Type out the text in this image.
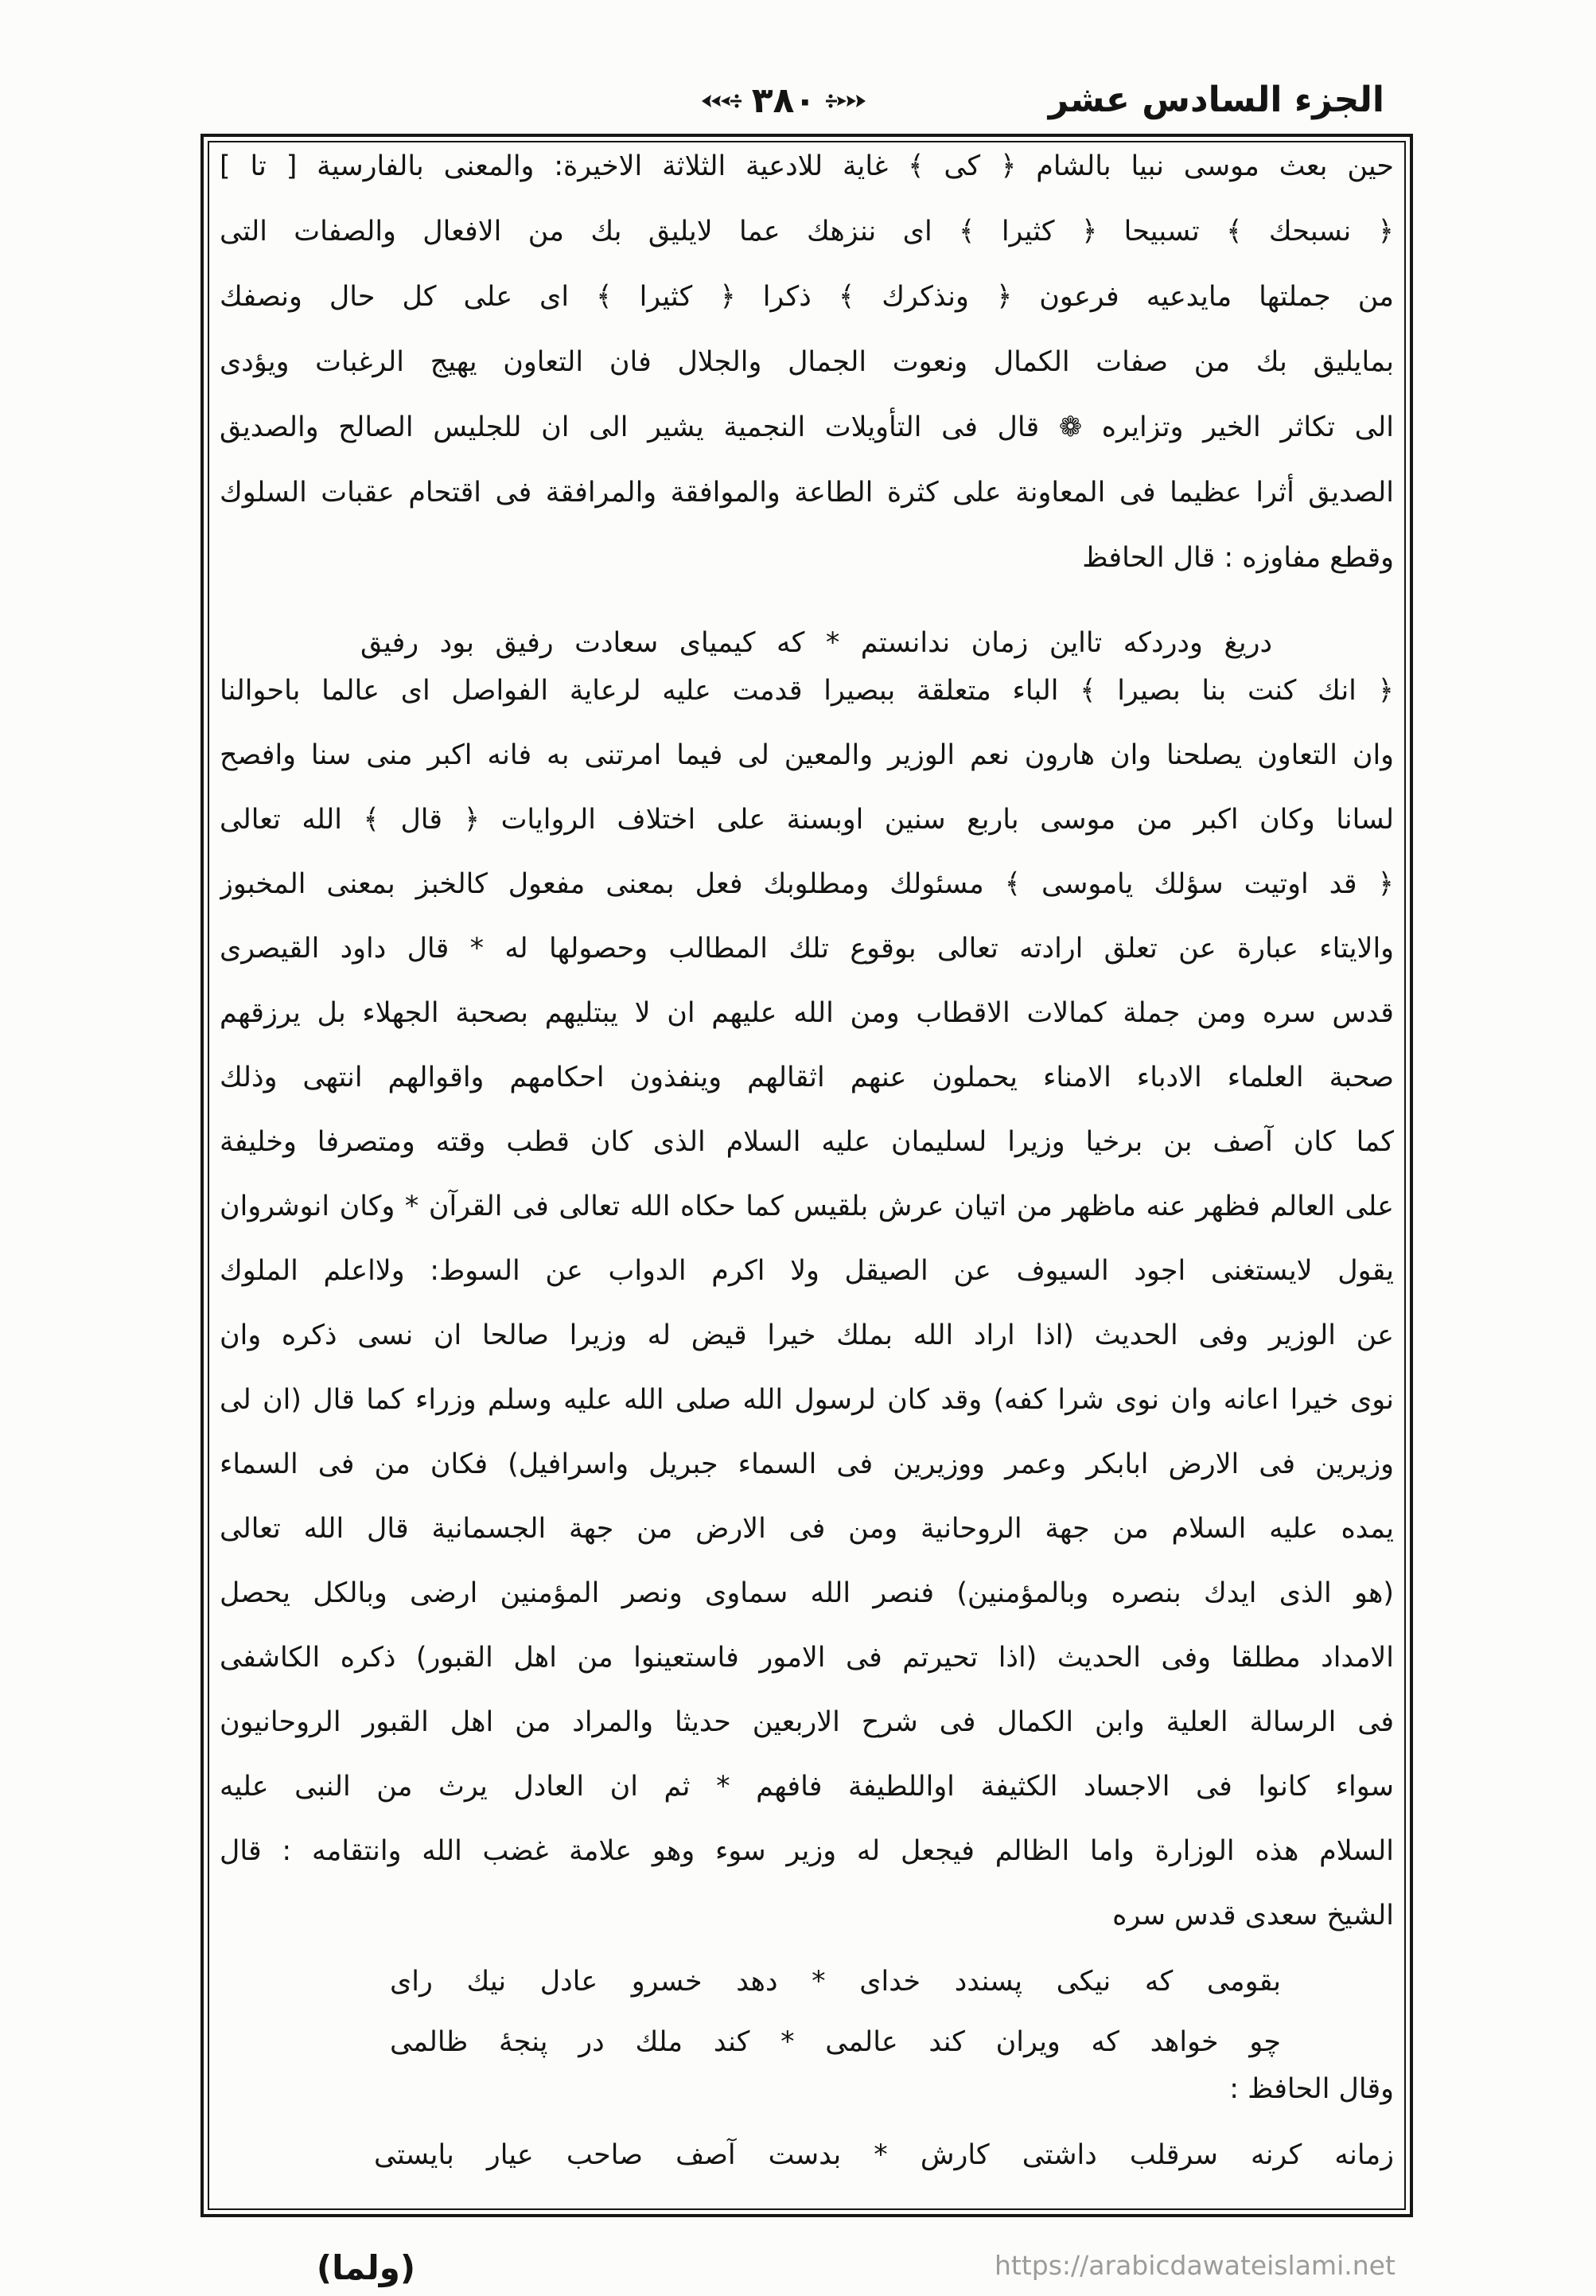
الجزء السادس عشر
٣٨٠
حين بعث موسى نبيا بالشام ﴿ كى ﴾ غاية للادعية الثلاثة الاخيرة: والمعنى بالفارسية [ تا ]
﴿ نسبحك ﴾ تسبيحا ﴿ كثيرا ﴾ اى ننزهك عما لايليق بك من الافعال والصفات التى
من جملتها مايدعيه فرعون ﴿ ونذكرك ﴾ ذكرا ﴿ كثيرا ﴾ اى على كل حال ونصفك
بمايليق بك من صفات الكمال ونعوت الجمال والجلال فان التعاون يهيج الرغبات ويؤدى
الى تكاثر الخير وتزايره ❁ قال فى التأويلات النجمية يشير الى ان للجليس الصالح والصديق
الصديق أثرا عظيما فى المعاونة على كثرة الطاعة والموافقة والمرافقة فى اقتحام عقبات السلوك
وقطع مفاوزه : قال الحافظ
دريغ ودردكه تااين زمان ندانستم * كه كيمياى سعادت رفيق بود رفيق
﴿ انك كنت بنا بصيرا ﴾ الباء متعلقة ببصيرا قدمت عليه لرعاية الفواصل اى عالما باحوالنا
وان التعاون يصلحنا وان هارون نعم الوزير والمعين لى فيما امرتنى به فانه اكبر منى سنا وافصح
لسانا وكان اكبر من موسى باربع سنين اوبسنة على اختلاف الروايات ﴿ قال ﴾ الله تعالى
﴿ قد اوتيت سؤلك ياموسى ﴾ مسئولك ومطلوبك فعل بمعنى مفعول كالخبز بمعنى المخبوز
والايتاء عبارة عن تعلق ارادته تعالى بوقوع تلك المطالب وحصولها له * قال داود القيصرى
قدس سره ومن جملة كمالات الاقطاب ومن الله عليهم ان لا يبتليهم بصحبة الجهلاء بل يرزقهم
صحبة العلماء الادباء الامناء يحملون عنهم اثقالهم وينفذون احكامهم واقوالهم انتهى وذلك
كما كان آصف بن برخيا وزيرا لسليمان عليه السلام الذى كان قطب وقته ومتصرفا وخليفة
على العالم فظهر عنه ماظهر من اتيان عرش بلقيس كما حكاه الله تعالى فى القرآن * وكان انوشروان
يقول لايستغنى اجود السيوف عن الصيقل ولا اكرم الدواب عن السوط: ولااعلم الملوك
عن الوزير وفى الحديث (اذا اراد الله بملك خيرا قيض له وزيرا صالحا ان نسى ذكره وان
نوى خيرا اعانه وان نوى شرا كفه) وقد كان لرسول الله صلى الله عليه وسلم وزراء كما قال (ان لى
وزيرين فى الارض ابابكر وعمر ووزيرين فى السماء جبريل واسرافيل) فكان من فى السماء
يمده عليه السلام من جهة الروحانية ومن فى الارض من جهة الجسمانية قال الله تعالى
(هو الذى ايدك بنصره وبالمؤمنين) فنصر الله سماوى ونصر المؤمنين ارضى وبالكل يحصل
الامداد مطلقا وفى الحديث (اذا تحيرتم فى الامور فاستعينوا من اهل القبور) ذكره الكاشفى
فى الرسالة العلية وابن الكمال فى شرح الاربعين حديثا والمراد من اهل القبور الروحانيون
سواء كانوا فى الاجساد الكثيفة اواللطيفة فافهم * ثم ان العادل يرث من النبى عليه
السلام هذه الوزارة واما الظالم فيجعل له وزير سوء وهو علامة غضب الله وانتقامه : قال
الشيخ سعدى قدس سره
بقومى كه نيكى پسندد خداى * دهد خسرو عادل نيك راى
چو خواهد كه ويران كند عالمى * كند ملك در پنجهٔ ظالمى
وقال الحافظ :
زمانه كرنه سرقلب داشتى كارش * بدست آصف صاحب عيار بايستى
(ولما)	https://arabicdawateislami.net
